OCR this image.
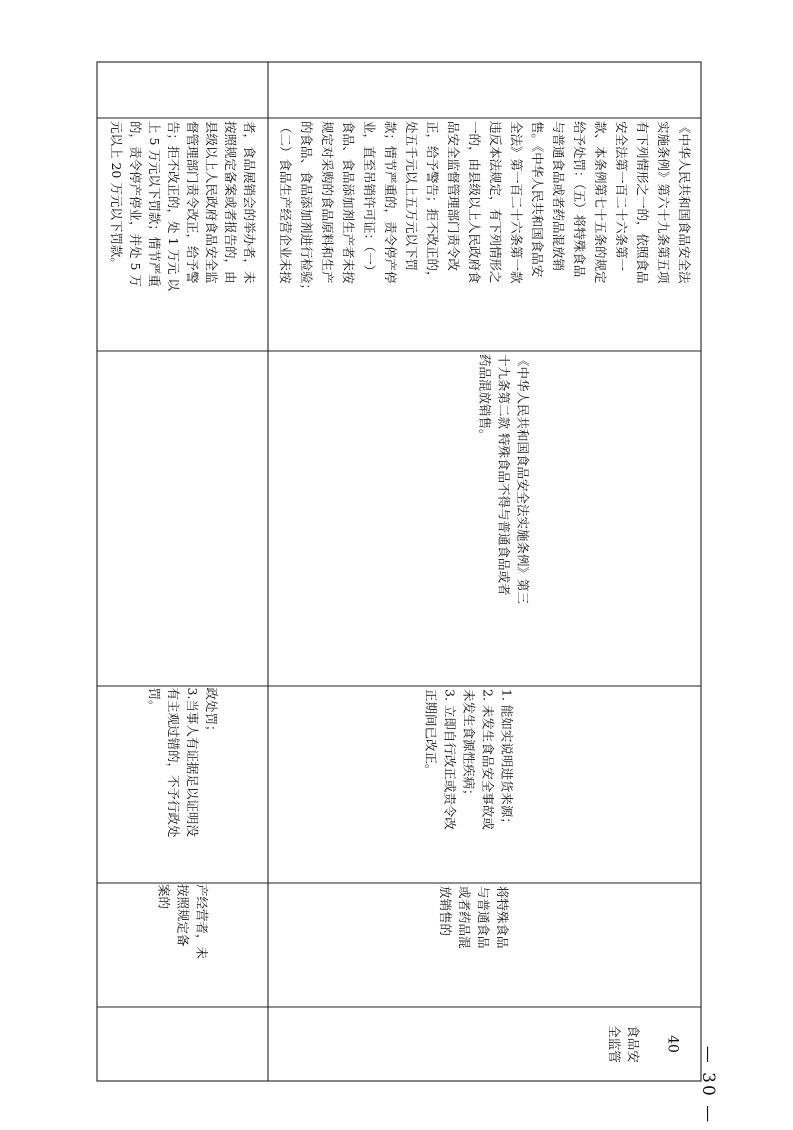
产经营者，未
按照规定备
案的
政处罚；
3.当事人有证据足以证明没
有主观过错的，不予行政处
罚。
者，食品展销会的举办者，未
按照规定备案或者报告的，由
县级以上人民政府食品安全监
督管理部门责令改正，给予警
告；拒不改正的，处 1 万元 以
上 5 万元以下罚款；情节严重
的，责令停产停业，并处 5 万
元以上 20 万元以下罚款。
40
食品安
全监管
将特殊食品
与普通食品
或者药品混
放销售的
1. 能如实说明进货来源；
2. 未发生食品安全事故或
未发生食源性疾病；
3. 立即自行改正或责令改
正期间已改正。
《中华人民共和国食品安全法实施条例》第三
十九条第二款 特殊食品不得与普通食品或者
药品混放销售。
《中华人民共和国食品安全法
实施条例》第六十九条第五项
有下列情形之一的，依照食品
安全法第一百二十六条第一
款、本条例第七十五条的规定
给予处罚：（五）将特殊食品
与普通食品或者药品混放销
售。《中华人民共和国食品安
全法》第一百二十六条第一款
违反本法规定，有下列情形之
一的，由县级以上人民政府食
品安全监督管理部门责令改
正，给予警告；拒不改正的，
处五千元以上五万元以下罚
款；情节严重的，责令停产停
业，直至吊销许可证：（一）
食品、食品添加剂生产者未按
规定对采购的食品原料和生产
的食品、食品添加剂进行检验；
（二）食品生产经营企业未按
— 30 —
